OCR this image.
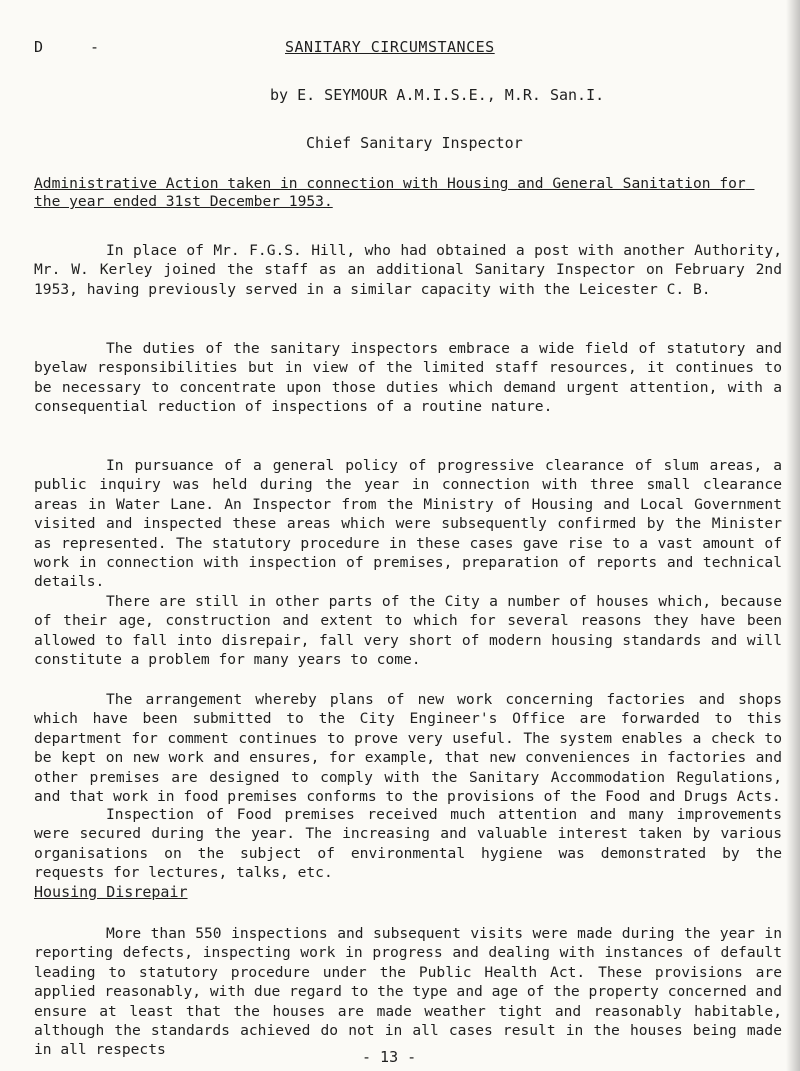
D	-	SANITARY CIRCUMSTANCES
by E. SEYMOUR A.M.I.S.E., M.R. San.I.
Chief Sanitary Inspector
Administrative Action taken in connection with Housing and General Sanitation for the year ended 31st December 1953.

In place of Mr. F.G.S. Hill, who had obtained a post with another Authority, Mr. W. Kerley joined the staff as an additional Sanitary Inspector on February 2nd 1953, having previously served in a similar capacity with the Leicester C. B.

The duties of the sanitary inspectors embrace a wide field of statutory and byelaw responsibilities but in view of the limited staff resources, it continues to be necessary to concentrate upon those duties which demand urgent attention, with a consequential reduction of inspections of a routine nature.

In pursuance of a general policy of progressive clearance of slum areas, a public inquiry was held during the year in connection with three small clearance areas in Water Lane. An Inspector from the Ministry of Housing and Local Government visited and inspected these areas which were subsequently confirmed by the Minister as represented. The statutory procedure in these cases gave rise to a vast amount of work in connection with inspection of premises, preparation of reports and technical details.

There are still in other parts of the City a number of houses which, because of their age, construction and extent to which for several reasons they have been allowed to fall into disrepair, fall very short of modern housing standards and will constitute a problem for many years to come.

The arrangement whereby plans of new work concerning factories and shops which have been submitted to the City Engineer's Office are forwarded to this department for comment continues to prove very useful. The system enables a check to be kept on new work and ensures, for example, that new conveniences in factories and other premises are designed to comply with the Sanitary Accommodation Regulations, and that work in food premises conforms to the provisions of the Food and Drugs Acts.

Inspection of Food premises received much attention and many improvements were secured during the year. The increasing and valuable interest taken by various organisations on the subject of environmental hygiene was demonstrated by the requests for lectures, talks, etc.

Housing Disrepair

More than 550 inspections and subsequent visits were made during the year in reporting defects, inspecting work in progress and dealing with instances of default leading to statutory procedure under the Public Health Act. These provisions are applied reasonably, with due regard to the type and age of the property concerned and ensure at least that the houses are made weather tight and reasonably habitable, although the standards achieved do not in all cases result in the houses being made in all respects	- 13 -
